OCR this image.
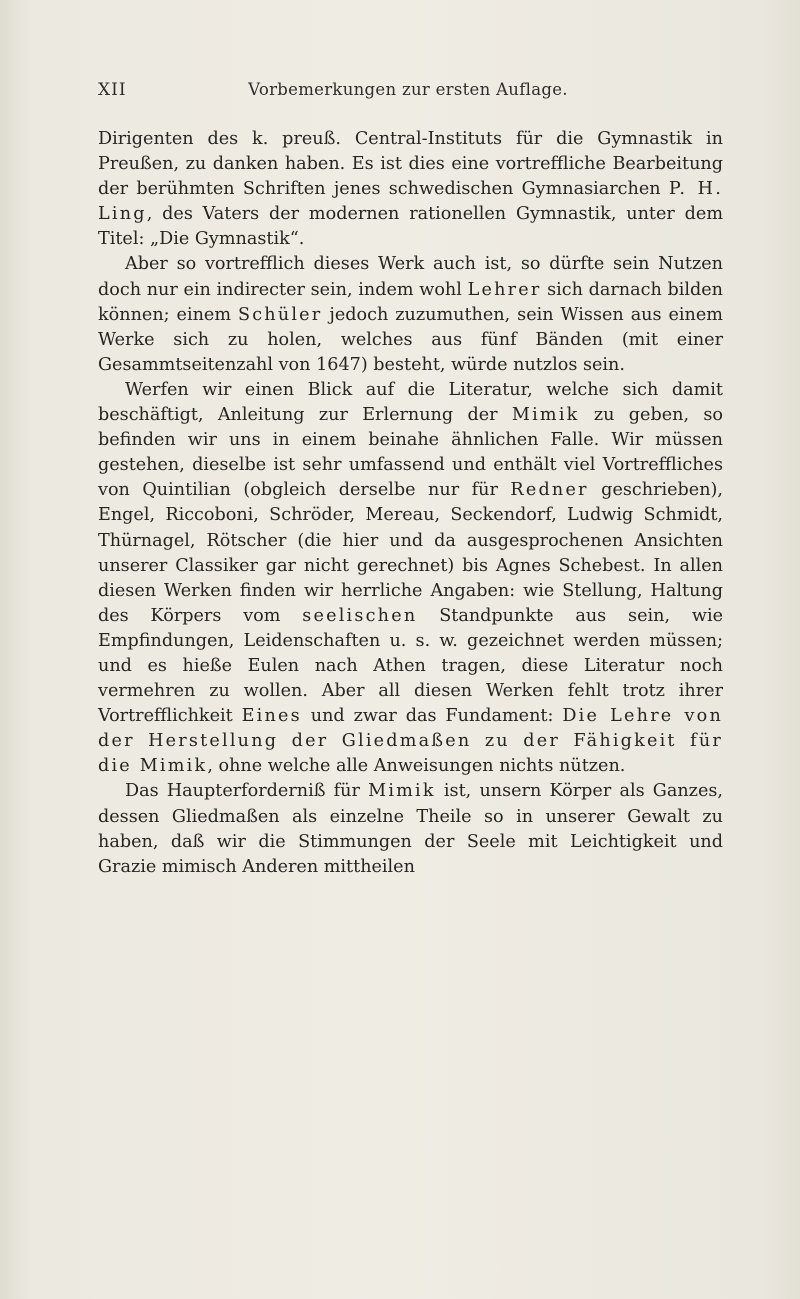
XII	Vorbemerkungen zur ersten Auflage.

Dirigenten des k. preuß. Central-Instituts für die Gymnastik in Preußen, zu danken haben. Es ist dies eine vortreffliche Bearbeitung der berühmten Schriften jenes schwedischen Gymnasiarchen P. H. Ling, des Vaters der modernen rationellen Gymnastik, unter dem Titel: „Die Gymnastik“.

Aber so vortrefflich dieses Werk auch ist, so dürfte sein Nutzen doch nur ein indirecter sein, indem wohl Lehrer sich darnach bilden können; einem Schüler jedoch zuzumuthen, sein Wissen aus einem Werke sich zu holen, welches aus fünf Bänden (mit einer Gesammtseitenzahl von 1647) besteht, würde nutzlos sein.

Werfen wir einen Blick auf die Literatur, welche sich damit beschäftigt, Anleitung zur Erlernung der Mimik zu geben, so befinden wir uns in einem beinahe ähnlichen Falle. Wir müssen gestehen, dieselbe ist sehr umfassend und enthält viel Vortreffliches von Quintilian (obgleich derselbe nur für Redner geschrieben), Engel, Riccoboni, Schröder, Mereau, Seckendorf, Ludwig Schmidt, Thürnagel, Rötscher (die hier und da ausgesprochenen Ansichten unserer Classiker gar nicht gerechnet) bis Agnes Schebest. In allen diesen Werken finden wir herrliche Angaben: wie Stellung, Haltung des Körpers vom seelischen Standpunkte aus sein, wie Empfindungen, Leidenschaften u. s. w. gezeichnet werden müssen; und es hieße Eulen nach Athen tragen, diese Literatur noch vermehren zu wollen. Aber all diesen Werken fehlt trotz ihrer Vortrefflichkeit Eines und zwar das Fundament: Die Lehre von der Herstellung der Gliedmaßen zu der Fähigkeit für die Mimik, ohne welche alle Anweisungen nichts nützen.

Das Haupterforderniß für Mimik ist, unsern Körper als Ganzes, dessen Gliedmaßen als einzelne Theile so in unserer Gewalt zu haben, daß wir die Stimmungen der Seele mit Leichtigkeit und Grazie mimisch Anderen mittheilen
